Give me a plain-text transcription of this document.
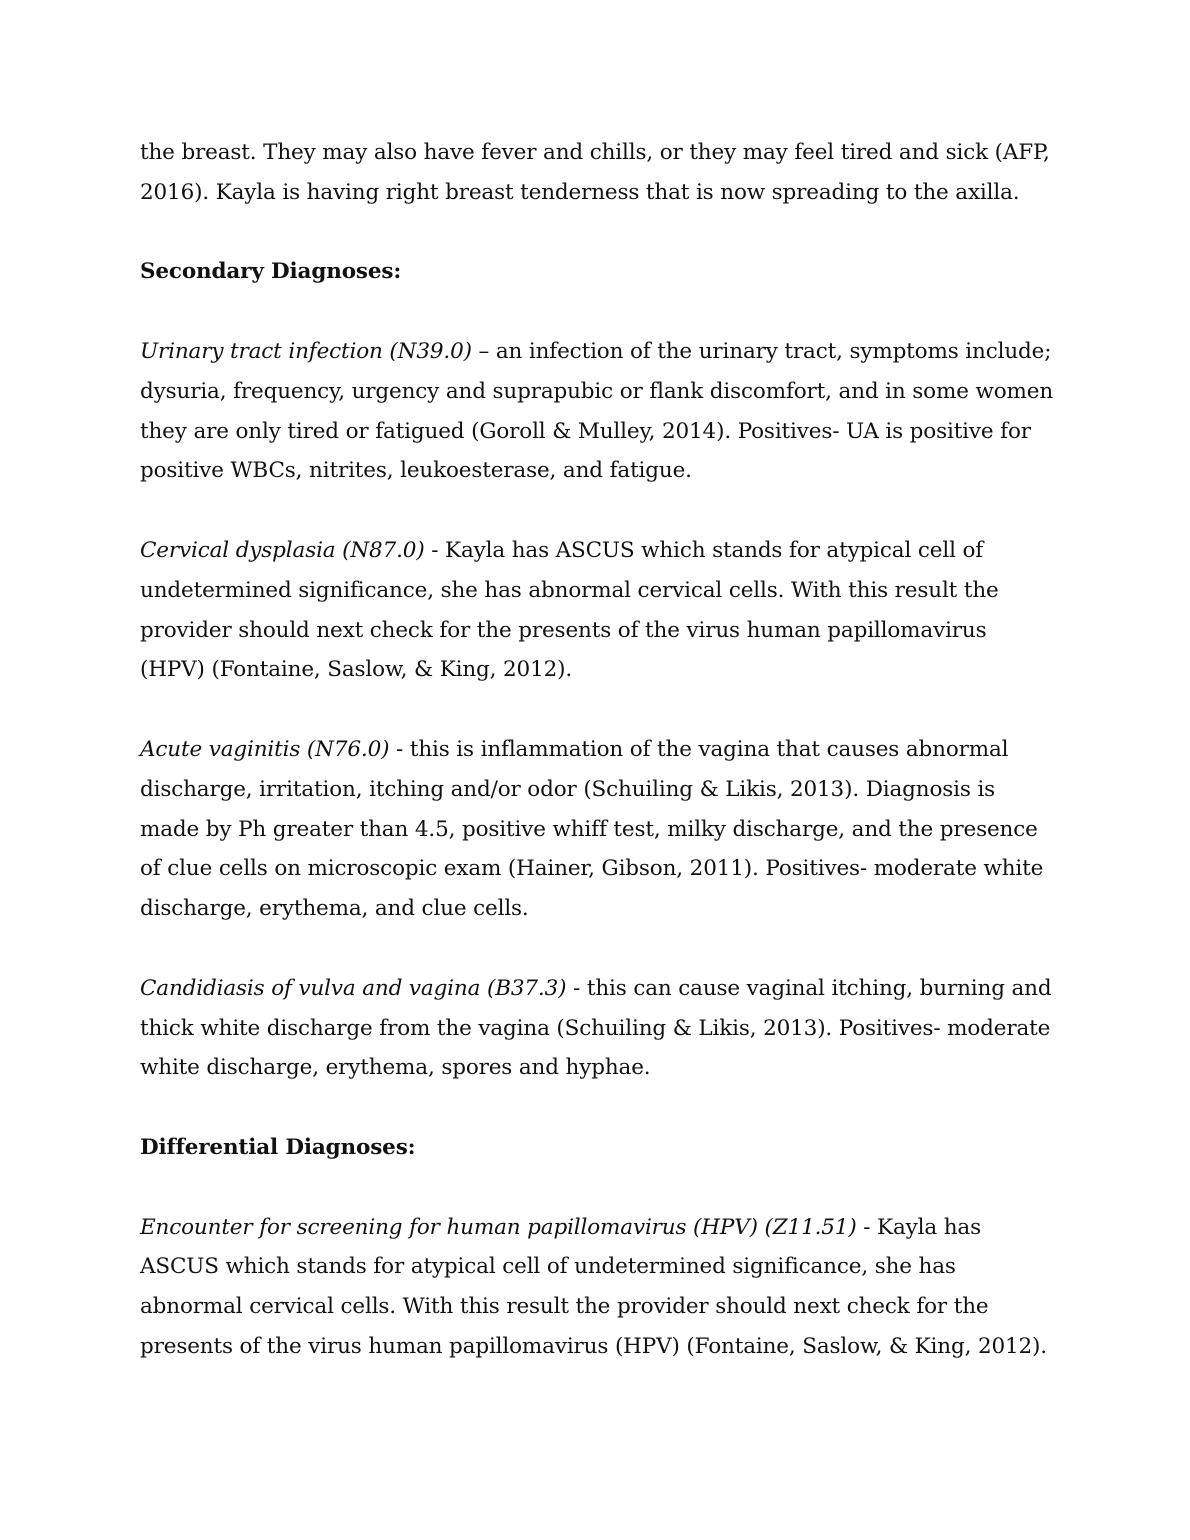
the breast. They may also have fever and chills, or they may feel tired and sick (AFP, 2016). Kayla is having right breast tenderness that is now spreading to the axilla.

Secondary Diagnoses:

Urinary tract infection (N39.0) – an infection of the urinary tract, symptoms include; dysuria, frequency, urgency and suprapubic or flank discomfort, and in some women they are only tired or fatigued (Goroll & Mulley, 2014). Positives- UA is positive for positive WBCs, nitrites, leukoesterase, and fatigue.

Cervical dysplasia (N87.0) - Kayla has ASCUS which stands for atypical cell of undetermined significance, she has abnormal cervical cells. With this result the provider should next check for the presents of the virus human papillomavirus (HPV) (Fontaine, Saslow, & King, 2012).

Acute vaginitis (N76.0) - this is inflammation of the vagina that causes abnormal discharge, irritation, itching and/or odor (Schuiling & Likis, 2013). Diagnosis is made by Ph greater than 4.5, positive whiff test, milky discharge, and the presence of clue cells on microscopic exam (Hainer, Gibson, 2011). Positives- moderate white discharge, erythema, and clue cells.

Candidiasis of vulva and vagina (B37.3) - this can cause vaginal itching, burning and thick white discharge from the vagina (Schuiling & Likis, 2013). Positives- moderate white discharge, erythema, spores and hyphae.

Differential Diagnoses:

Encounter for screening for human papillomavirus (HPV) (Z11.51) - Kayla has ASCUS which stands for atypical cell of undetermined significance, she has abnormal cervical cells. With this result the provider should next check for the presents of the virus human papillomavirus (HPV) (Fontaine, Saslow, & King, 2012).
